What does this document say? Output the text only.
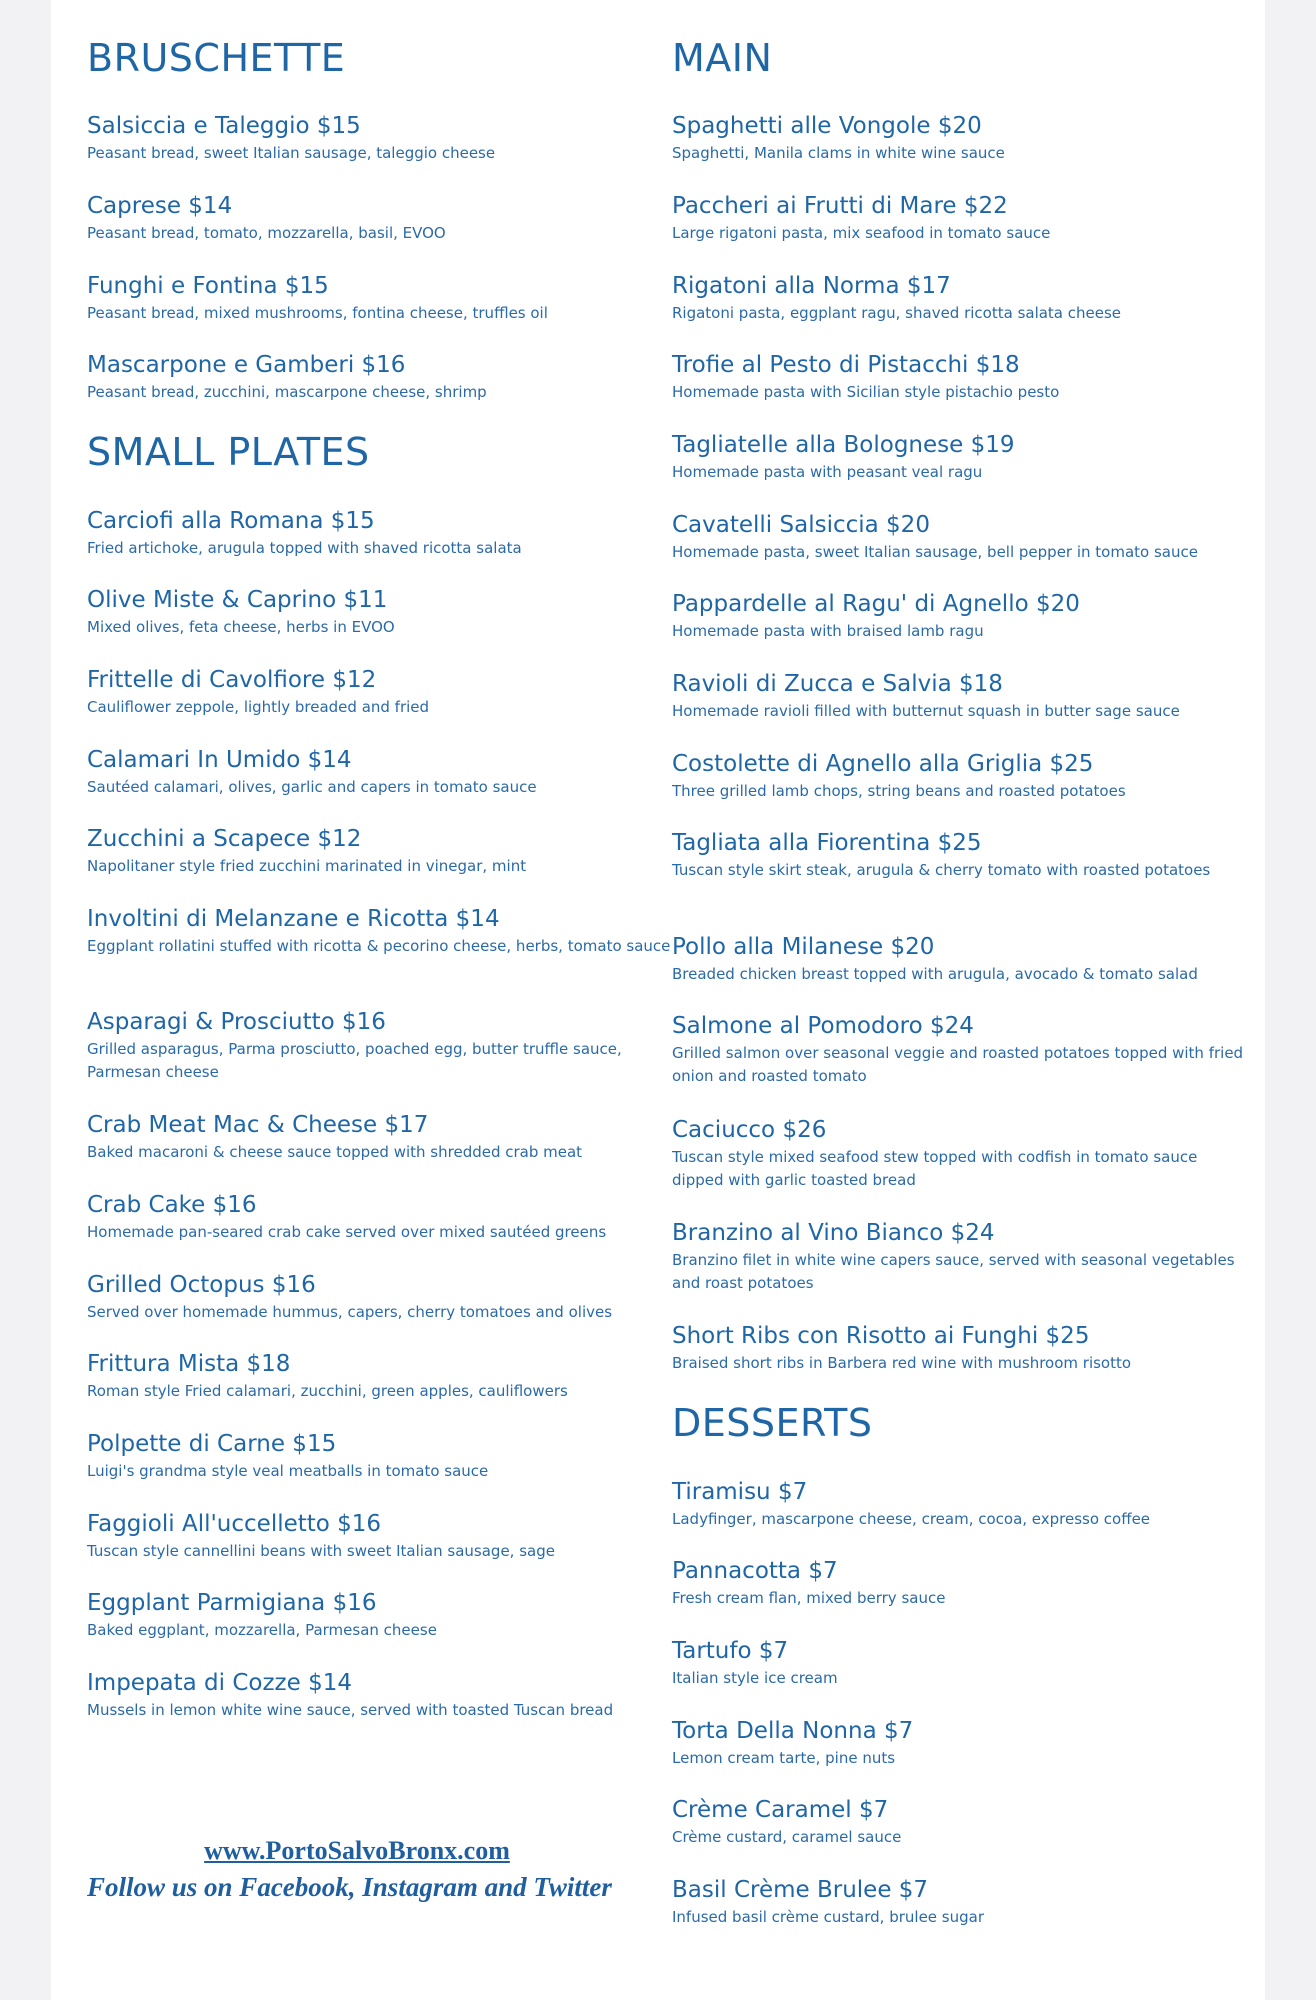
BRUSCHETTE
Salsiccia e Taleggio $15
Peasant bread, sweet Italian sausage, taleggio cheese
Caprese $14
Peasant bread, tomato, mozzarella, basil, EVOO
Funghi e Fontina $15
Peasant bread, mixed mushrooms, fontina cheese, truffles oil
Mascarpone e Gamberi $16
Peasant bread, zucchini, mascarpone cheese, shrimp
SMALL PLATES
Carciofi alla Romana $15
Fried artichoke, arugula topped with shaved ricotta salata
Olive Miste & Caprino $11
Mixed olives, feta cheese, herbs in EVOO
Frittelle di Cavolfiore $12
Cauliflower zeppole, lightly breaded and fried
Calamari In Umido $14
Sautéed calamari, olives, garlic and capers in tomato sauce
Zucchini a Scapece $12
Napolitaner style fried zucchini marinated in vinegar, mint
Involtini di Melanzane e Ricotta $14
Eggplant rollatini stuffed with ricotta & pecorino cheese, herbs, tomato sauce
Asparagi & Prosciutto $16
Grilled asparagus, Parma prosciutto, poached egg, butter truffle sauce, Parmesan cheese
Crab Meat Mac & Cheese $17
Baked macaroni & cheese sauce topped with shredded crab meat
Crab Cake $16
Homemade pan-seared crab cake served over mixed sautéed greens
Grilled Octopus $16
Served over homemade hummus, capers, cherry tomatoes and olives
Frittura Mista $18
Roman style Fried calamari, zucchini, green apples, cauliflowers
Polpette di Carne $15
Luigi's grandma style veal meatballs in tomato sauce
Faggioli All'uccelletto $16
Tuscan style cannellini beans with sweet Italian sausage, sage
Eggplant Parmigiana $16
Baked eggplant, mozzarella, Parmesan cheese
Impepata di Cozze $14
Mussels in lemon white wine sauce, served with toasted Tuscan bread
MAIN
Spaghetti alle Vongole $20
Spaghetti, Manila clams in white wine sauce
Paccheri ai Frutti di Mare $22
Large rigatoni pasta, mix seafood in tomato sauce
Rigatoni alla Norma $17
Rigatoni pasta, eggplant ragu, shaved ricotta salata cheese
Trofie al Pesto di Pistacchi $18
Homemade pasta with Sicilian style pistachio pesto
Tagliatelle alla Bolognese $19
Homemade pasta with peasant veal ragu
Cavatelli Salsiccia $20
Homemade pasta, sweet Italian sausage, bell pepper in tomato sauce
Pappardelle al Ragu' di Agnello $20
Homemade pasta with braised lamb ragu
Ravioli di Zucca e Salvia $18
Homemade ravioli filled with butternut squash in butter sage sauce
Costolette di Agnello alla Griglia $25
Three grilled lamb chops, string beans and roasted potatoes
Tagliata alla Fiorentina $25
Tuscan style skirt steak, arugula & cherry tomato with roasted potatoes
Pollo alla Milanese $20
Breaded chicken breast topped with arugula, avocado & tomato salad
Salmone al Pomodoro $24
Grilled salmon over seasonal veggie and roasted potatoes topped with fried onion and roasted tomato
Caciucco $26
Tuscan style mixed seafood stew topped with codfish in tomato sauce dipped with garlic toasted bread
Branzino al Vino Bianco $24
Branzino filet in white wine capers sauce, served with seasonal vegetables and roast potatoes
Short Ribs con Risotto ai Funghi $25
Braised short ribs in Barbera red wine with mushroom risotto
DESSERTS
Tiramisu $7
Ladyfinger, mascarpone cheese, cream, cocoa, expresso coffee
Pannacotta $7
Fresh cream flan, mixed berry sauce
Tartufo $7
Italian style ice cream
Torta Della Nonna $7
Lemon cream tarte, pine nuts
Crème Caramel $7
Crème custard, caramel sauce
Basil Crème Brulee $7
Infused basil crème custard, brulee sugar
www.PortoSalvoBronx.com
Follow us on Facebook, Instagram and Twitter
